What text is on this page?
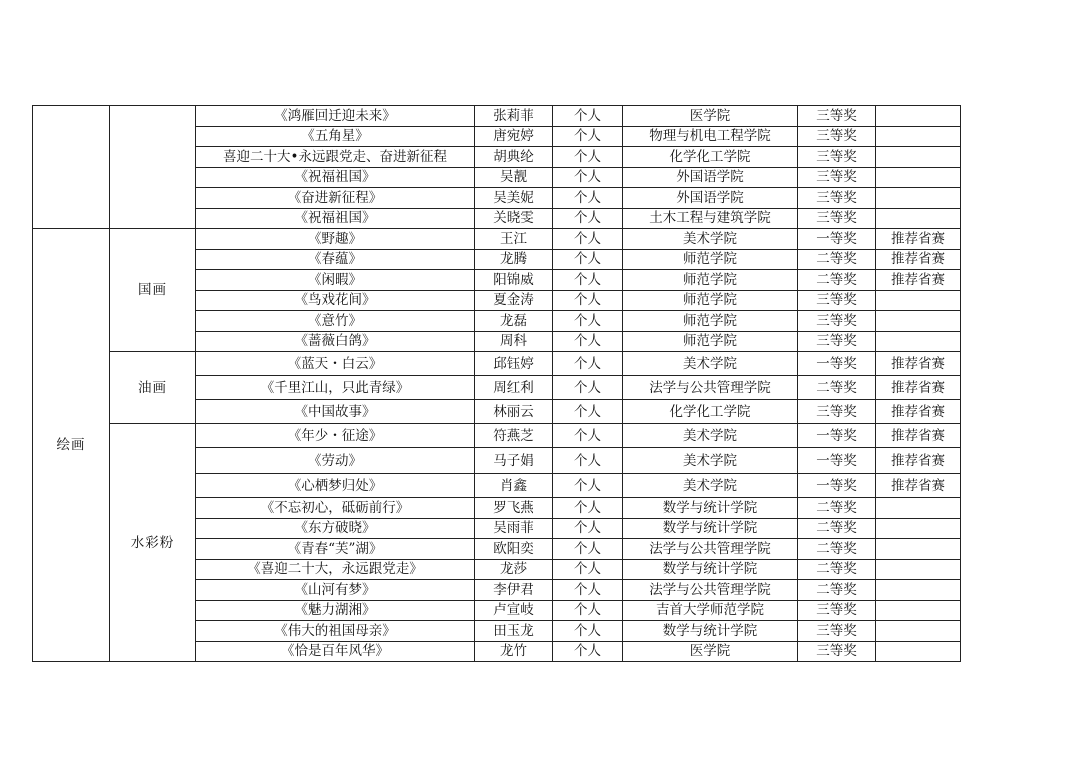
		《鸿雁回迁迎未来》	张莉菲	个人	医学院	三等奖	
		《五角星》	唐宛婷	个人	物理与机电工程学院	三等奖	
		喜迎二十大•永远跟党走、奋进新征程	胡典纶	个人	化学化工学院	三等奖	
		《祝福祖国》	吴靓	个人	外国语学院	三等奖	
		《奋进新征程》	吴美妮	个人	外国语学院	三等奖	
		《祝福祖国》	关晓雯	个人	土木工程与建筑学院	三等奖	
绘画	国画	《野趣》	王江	个人	美术学院	一等奖	推荐省赛
		《春蕴》	龙腾	个人	师范学院	二等奖	推荐省赛
		《闲暇》	阳锦威	个人	师范学院	二等奖	推荐省赛
		《鸟戏花间》	夏金涛	个人	师范学院	三等奖	
		《意竹》	龙磊	个人	师范学院	三等奖	
		《蔷薇白鸽》	周科	个人	师范学院	三等奖	
	油画	《蓝天・白云》	邱钰婷	个人	美术学院	一等奖	推荐省赛
		《千里江山，只此青绿》	周红利	个人	法学与公共管理学院	二等奖	推荐省赛
		《中国故事》	林丽云	个人	化学化工学院	三等奖	推荐省赛
	水彩粉	《年少・征途》	符燕芝	个人	美术学院	一等奖	推荐省赛
		《劳动》	马子娟	个人	美术学院	一等奖	推荐省赛
		《心栖梦归处》	肖鑫	个人	美术学院	一等奖	推荐省赛
		《不忘初心，砥砺前行》	罗飞燕	个人	数学与统计学院	二等奖	
		《东方破晓》	吴雨菲	个人	数学与统计学院	二等奖	
		《青春“芙”湖》	欧阳奕	个人	法学与公共管理学院	二等奖	
		《喜迎二十大，永远跟党走》	龙莎	个人	数学与统计学院	二等奖	
		《山河有梦》	李伊君	个人	法学与公共管理学院	二等奖	
		《魅力湖湘》	卢宣岐	个人	吉首大学师范学院	三等奖	
		《伟大的祖国母亲》	田玉龙	个人	数学与统计学院	三等奖	
		《恰是百年风华》	龙竹	个人	医学院	三等奖	
